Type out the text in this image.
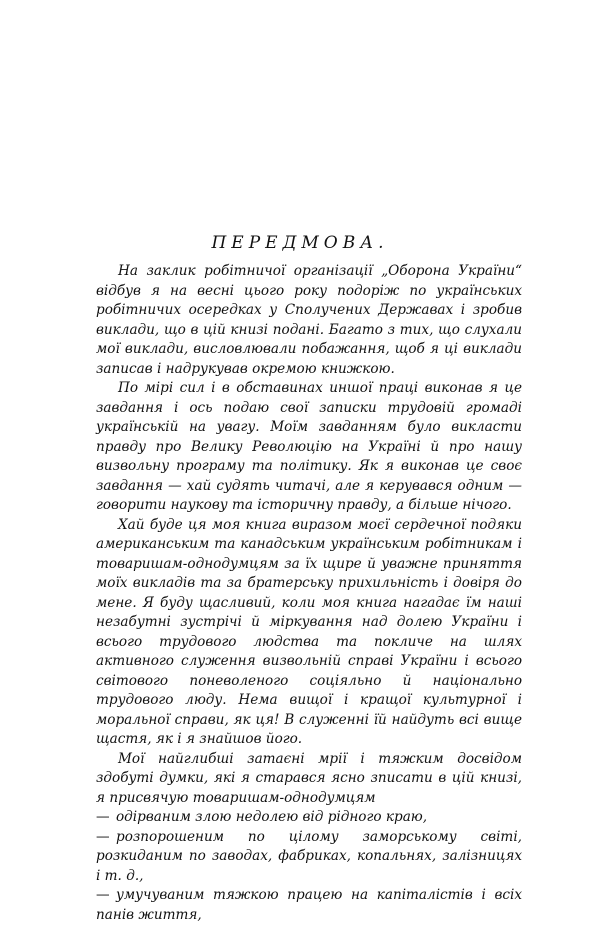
ПЕРЕДМОВА.

На заклик робітничої організації „Оборона України“ відбув я на весні цього року подоріж по українських робітничих осередках у Сполучених Державах і зробив виклади, що в цій книзі подані. Багато з тих, що слухали мої виклади, висловлювали побажання, щоб я ці виклади записав і надрукував окремою книжкою.

По мірі сил і в обставинах иншої праці виконав я це завдання і ось подаю свої записки трудовій громаді українській на увагу. Моїм завданням було викласти правду про Велику Революцію на Україні й про нашу визвольну програму та політику. Як я виконав це своє завдання — хай судять читачі, але я керувався одним — говорити наукову та історичну правду, а більше нічого.

Хай буде ця моя книга виразом моєї сердечної подяки американським та канадським українським робітникам і товаришам-однодумцям за їх щире й уважне приняття моїх викладів та за братерську прихильність і довіря до мене. Я буду щасливий, коли моя книга нагадає їм наші незабутні зустрічі й міркування над долею України і всього трудового людства та покличе на шлях активного служення визвольній справі України і всього світового поневоленого соціяльно й національно трудового люду. Нема вищої і кращої культурної і моральної справи, як ця! В служенні їй найдуть всі вище щастя, як і я знайшов його.

Мої найглибші затаєні мрії і тяжким досвідом здобуті думки, які я старався ясно зписати в цій книзі, я присвячую товаришам-однодумцям

— одірваним злою недолею від рідного краю,

— розпорошеним по цілому заморському світі, розкиданим по заводах, фабриках, копальнях, залізницях і т. д.,

— умучуваним тяжкою працею на капіталістів і всіх панів життя,
